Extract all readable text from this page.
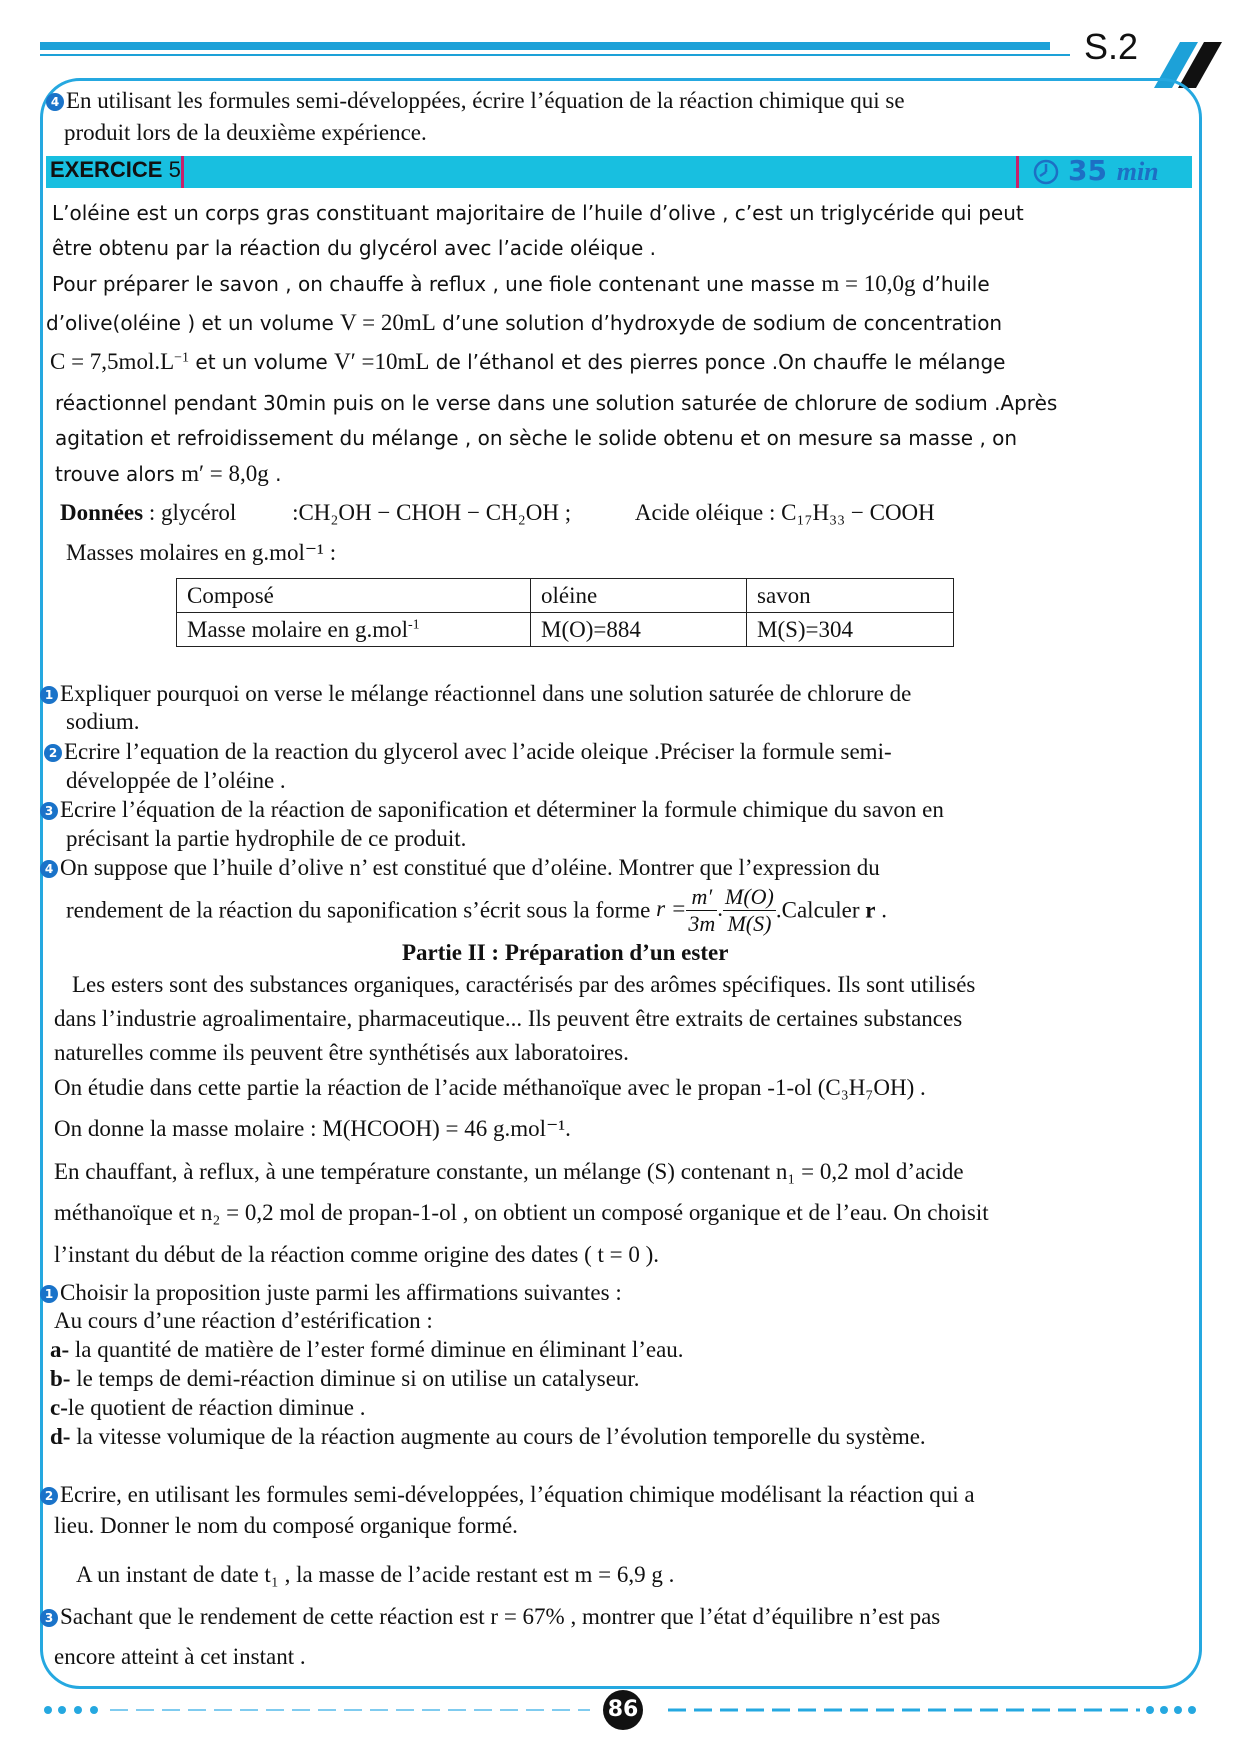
S.2
4 En utilisant les formules semi-développées, écrire l’équation de la réaction chimique qui se
produit lors de la deuxième expérience.
EXERCICE 5	35 min
L’oléine est un corps gras constituant majoritaire de l’huile d’olive , c’est un triglycéride qui peut
être obtenu par la réaction du glycérol avec l’acide oléique .
Pour préparer le savon , on chauffe à reflux , une fiole contenant une masse m = 10,0g d’huile
d’olive(oléine ) et un volume V = 20mL d’une solution d’hydroxyde de sodium de concentration
$C = 7,5mol.L^{-1}$ et un volume V′ =10mL de l’éthanol et des pierres ponce .On chauffe le mélange
réactionnel pendant 30min puis on le verse dans une solution saturée de chlorure de sodium .Après
agitation et refroidissement du mélange , on sèche le solide obtenu et on mesure sa masse , on
trouve alors m′ = 8,0g .
Données : glycérol :CH₂OH − CHOH − CH₂OH ;	Acide oléique : C₁₇H₃₃ − COOH
Masses molaires en g.mol⁻¹ :
Composé	oléine	savon
Masse molaire en g.mol$^{-1}$	M(O)=884	M(S)=304
1 Expliquer pourquoi on verse le mélange réactionnel dans une solution saturée de chlorure de
sodium.
2 Ecrire l’equation de la reaction du glycerol avec l’acide oleique .Préciser la formule semi-
développée de l’oléine .
3 Ecrire l’équation de la réaction de saponification et déterminer la formule chimique du savon en
précisant la partie hydrophile de ce produit.
4 On suppose que l’huile d’olive n’ est constitué que d’oléine. Montrer que l’expression du
rendement de la réaction du saponification s’écrit sous la forme $r = \frac{m'}{3m}$ . $\frac{M(O)}{M(S)}$ .Calculer r .
Partie II : Préparation d’un ester
Les esters sont des substances organiques, caractérisés par des arômes spécifiques. Ils sont utilisés
dans l’industrie agroalimentaire, pharmaceutique... Ils peuvent être extraits de certaines substances
naturelles comme ils peuvent être synthétisés aux laboratoires.
On étudie dans cette partie la réaction de l’acide méthanoïque avec le propan -1-ol (C₃H₇OH) .
On donne la masse molaire : M(HCOOH) = 46 g.mol⁻¹.
En chauffant, à reflux, à une température constante, un mélange (S) contenant n₁ = 0,2 mol d’acide
méthanoïque et n₂ = 0,2 mol de propan-1-ol , on obtient un composé organique et de l’eau. On choisit
l’instant du début de la réaction comme origine des dates ( t = 0 ).
1 Choisir la proposition juste parmi les affirmations suivantes :
Au cours d’une réaction d’estérification :
a- la quantité de matière de l’ester formé diminue en éliminant l’eau.
b- le temps de demi-réaction diminue si on utilise un catalyseur.
c-le quotient de réaction diminue .
d- la vitesse volumique de la réaction augmente au cours de l’évolution temporelle du système.
2 Ecrire, en utilisant les formules semi-développées, l’équation chimique modélisant la réaction qui a
lieu. Donner le nom du composé organique formé.
A un instant de date t₁ , la masse de l’acide restant est m = 6,9 g .
3 Sachant que le rendement de cette réaction est r = 67% , montrer que l’état d’équilibre n’est pas
encore atteint à cet instant .
86
